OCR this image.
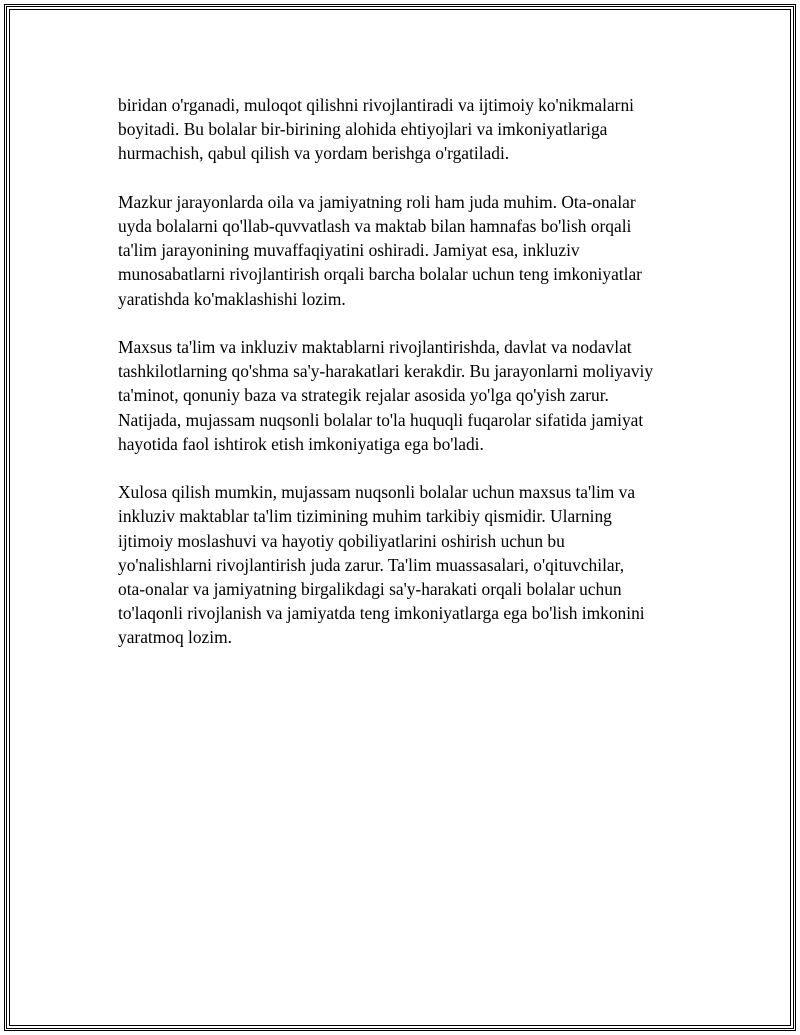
biridan o'rganadi, muloqot qilishni rivojlantiradi va ijtimoiy ko'nikmalarni
boyitadi. Bu bolalar bir-birining alohida ehtiyojlari va imkoniyatlariga
hurmachish, qabul qilish va yordam berishga o'rgatiladi.

Mazkur jarayonlarda oila va jamiyatning roli ham juda muhim. Ota-onalar
uyda bolalarni qo'llab-quvvatlash va maktab bilan hamnafas bo'lish orqali
ta'lim jarayonining muvaffaqiyatini oshiradi. Jamiyat esa, inkluziv
munosabatlarni rivojlantirish orqali barcha bolalar uchun teng imkoniyatlar
yaratishda ko'maklashishi lozim.

Maxsus ta'lim va inkluziv maktablarni rivojlantirishda, davlat va nodavlat
tashkilotlarning qo'shma sa'y-harakatlari kerakdir. Bu jarayonlarni moliyaviy
ta'minot, qonuniy baza va strategik rejalar asosida yo'lga qo'yish zarur.
Natijada, mujassam nuqsonli bolalar to'la huquqli fuqarolar sifatida jamiyat
hayotida faol ishtirok etish imkoniyatiga ega bo'ladi.

Xulosa qilish mumkin, mujassam nuqsonli bolalar uchun maxsus ta'lim va
inkluziv maktablar ta'lim tizimining muhim tarkibiy qismidir. Ularning
ijtimoiy moslashuvi va hayotiy qobiliyatlarini oshirish uchun bu
yo'nalishlarni rivojlantirish juda zarur. Ta'lim muassasalari, o'qituvchilar,
ota-onalar va jamiyatning birgalikdagi sa'y-harakati orqali bolalar uchun
to'laqonli rivojlanish va jamiyatda teng imkoniyatlarga ega bo'lish imkonini
yaratmoq lozim.
